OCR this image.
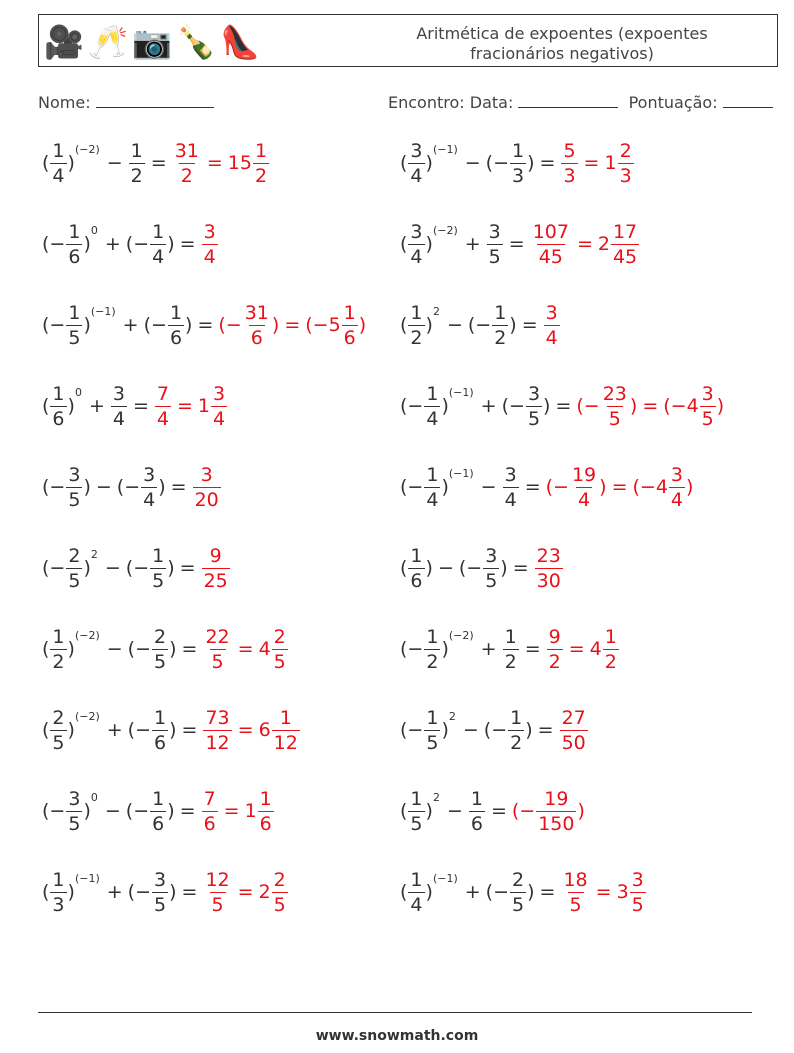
🎥 🥂 📷 🍾 👠	Aritmética de expoentes (expoentes fracionários negativos)
Nome:	Encontro: Data:	Pontuação:
( $\frac{1}{4}$ )
(−2)
− $\frac{1}{2} = \frac{31}{2} = 15 \frac{1}{2}$	( $\frac{3}{4}$ )
(−1)
− (− $\frac{1}{3}$ ) = $\frac{5}{3} = 1 \frac{2}{3}$
(− $\frac{1}{6}$ )
0
+ (− $\frac{1}{4}$ ) = $\frac{3}{4}$	( $\frac{3}{4}$ )
(−2)
+ $\frac{3}{5} = \frac{107}{45} = 2 \frac{17}{45}$
(− $\frac{1}{5}$ )
(−1)
+ (− $\frac{1}{6}$ ) = (− $\frac{31}{6}$ ) = ($-5 \frac{1}{6}$ ) ( $\frac{1}{2}$ )
2
− (− $\frac{1}{2}$ ) = $\frac{3}{4}$
( $\frac{1}{6}$ )
0
+ $\frac{3}{4} = \frac{7}{4} = 1 \frac{3}{4}$	(− $\frac{1}{4}$ )
(−1)
+ (− $\frac{3}{5}$ ) = (− $\frac{23}{5}$ ) = ($-4 \frac{3}{5}$ )
(− $\frac{3}{5}$ ) − (− $\frac{3}{4}$ ) = $\frac{3}{20}$	(− $\frac{1}{4}$ )
(−1)
− $\frac{3}{4}$ = (− $\frac{19}{4}$ ) = ($-4 \frac{3}{4}$ )
(− $\frac{2}{5}$ )
2
− (− $\frac{1}{5}$ ) = $\frac{9}{25}$	( $\frac{1}{6}$ ) − (− $\frac{3}{5}$ ) = $\frac{23}{30}$
( $\frac{1}{2}$ )
(−2)
− (− $\frac{2}{5}$ ) = $\frac{22}{5} = 4 \frac{2}{5}$	(− $\frac{1}{2}$ )
(−2)
+ $\frac{1}{2} = \frac{9}{2} = 4 \frac{1}{2}$
( $\frac{2}{5}$ )
(−2)
+ (− $\frac{1}{6}$ ) = $\frac{73}{12} = 6 \frac{1}{12}$	(− $\frac{1}{5}$ )
2
− (− $\frac{1}{2}$ ) = $\frac{27}{50}$
(− $\frac{3}{5}$ )
0
− (− $\frac{1}{6}$ ) = $\frac{7}{6} = 1 \frac{1}{6}$	( $\frac{1}{5}$ )
2
− $\frac{1}{6}$ = (− $\frac{19}{150}$ )
( $\frac{1}{3}$ )
(−1)
+ (− $\frac{3}{5}$ ) = $\frac{12}{5} = 2 \frac{2}{5}$	( $\frac{1}{4}$ )
(−1)
+ (− $\frac{2}{5}$ ) = $\frac{18}{5} = 3 \frac{3}{5}$
www.snowmath.com
